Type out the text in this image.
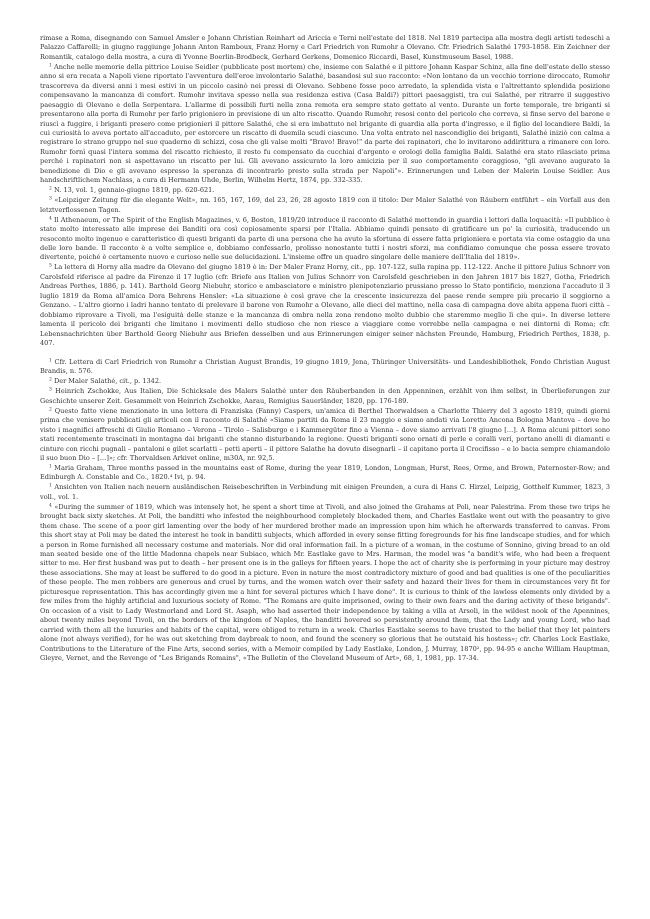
rimase a Roma, disegnando con Samuel Amsler e Johann Christian Reinhart ad Ariccia e Terni nell'estate del 1818. Nel 1819 partecipa alla mostra degli artisti tedeschi a Palazzo Caffarelli; in giugno raggiunge Johann Anton Ramboux, Franz Horny e Carl Friedrich von Rumohr a Olevano. Cfr. Friedrich Salathé 1793-1858. Ein Zeichner der Romantik, catalogo della mostra, a cura di Yvonne Boerlin-Brodbeck, Gerhard Gerkens, Domenico Riccardi, Basel, Kunstmuseum Basel, 1988.

$^1$ Anche nelle memorie della pittrice Louise Seidler (pubblicate post mortem) che, insieme con Salathé e il pittore Johann Kaspar Schinz, alla fine dell'estate dello stesso anno si era recata a Napoli viene riportato l'avventura dell'eroe involontario Salathé, basandosi sul suo racconto: «Non lontano da un vecchio torrione diroccato, Rumohr trascorreva da diversi anni i mesi estivi in un piccolo casinò nei pressi di Olevano. Sebbene fosse poco arredato, la splendida vista e l'altrettanto splendida posizione compensavano la mancanza di comfort. Rumohr invitava spesso nella sua residenza estiva (Casa Baldi?) pittori paesaggisti, tra cui Salathé, per ritrarre il suggestivo paesaggio di Olevano e della Serpentara. L'allarme di possibili furti nella zona remota era sempre stato gettato al vento. Durante un forte temporale, tre briganti si presentarono alla porta di Rumohr per farlo prigioniero in previsione di un alto riscatto. Quando Rumohr, resosi conto del pericolo che correva, si finse servo del barone e riuscì a fuggire, i briganti presero come prigionieri il pittore Salathé, che si era imbattuto nel brigante di guardia alla porta d'ingresso, e il figlio del locandiere Baldi, la cui curiosità lo aveva portato all'accaduto, per estorcere un riscatto di duemila scudi ciascuno. Una volta entrato nel nascondiglio dei briganti, Salathé iniziò con calma a registrare lo strano gruppo nel suo quaderno di schizzi, cosa che gli valse molti "Bravo! Bravo!" da parte dei rapinatori, che lo invitarono addirittura a rimanere con loro. Rumohr fornì quasi l'intera somma del riscatto richiesto, il resto fu compensato da cucchiai d'argento e orologi della famiglia Baldi. Salathé era stato rilasciato prima perché i rapinatori non si aspettavano un riscatto per lui. Gli avevano assicurato la loro amicizia per il suo comportamento coraggioso, "gli avevano augurato la benedizione di Dio e gli avevano espresso la speranza di incontrarlo presto sulla strada per Napoli"». Erinnerungen und Leben der Malerin Louise Seidler. Aus handschriftlichem Nachlass, a cura di Hermann Uhde, Berlin, Wilhelm Hertz, 1874, pp. 332-335.

$^2$ N. 13, vol. 1, gennaio-giugno 1819, pp. 620-621.

$^3$ «Leipziger Zeitung für die elegante Welt», nn. 165, 167, 169, del 23, 26, 28 agosto 1819 con il titolo: Der Maler Salathé von Räubern entführt – ein Vorfall aus den letztverflossenen Tagen.

$^4$ Il Athenaeum, or The Spirit of the English Magazines, v. 6, Boston, 1819/20 introduce il racconto di Salathé mettendo in guardia i lettori dalla loquacità: «Il pubblico è stato molto interessato alle imprese dei Banditi ora così copiosamente sparsi per l'Italia. Abbiamo quindi pensato di gratificare un po' la curiosità, traducendo un resoconto molto ingenuo e caratteristico di questi briganti da parte di una persona che ha avuto la sfortuna di essere fatta prigioniera e portata via come ostaggio da una delle loro bande. Il racconto è a volte semplice e, dobbiamo confessarlo, prolisso nonostante tutti i nostri sforzi, ma confidiamo comunque che possa essere trovato divertente, poiché è certamente nuovo e curioso nelle sue delucidazioni. L'insieme offre un quadro singolare delle maniere dell'Italia del 1819».

$^5$ La lettera di Horny alla madre da Olevano del giugno 1819 è in: Der Maler Franz Horny, cit., pp. 107-122, sulla rapina pp. 112-122. Anche il pittore Julius Schnorr von Carolsfeld riferisce al padre da Firenze il 17 luglio (cfr. Briefe aus Italien von Julius Schnorr von Carolsfeld geschrieben in den Jahren 1817 bis 1827, Gotha, Friedrich Andreas Perthes, 1886, p. 141). Barthold Georg Niebuhr, storico e ambasciatore e ministro plenipotenziario prussiano presso lo Stato pontificio, menziona l'accaduto il 3 luglio 1819 da Roma all'amica Dora Behrens Hensler: «La situazione è così grave che la crescente insicurezza del paese rende sempre più precario il soggiorno a Genzano. – L'altro giorno i ladri hanno tentato di prelevare il barone von Rumohr a Olevano, alle dieci del mattino, nella casa di campagna dove abita appena fuori città – dobbiamo riprovare a Tivoli, ma l'esiguità delle stanze e la mancanza di ombra nella zona rendono molto dubbio che staremmo meglio lì che qui». In diverse lettere lamenta il pericolo dei briganti che limitano i movimenti dello studioso che non riesce a viaggiare come vorrebbe nella campagna e nei dintorni di Roma; cfr. Lebensnachrichten über Barthold Georg Niebuhr aus Briefen desselben und aus Erinnerungen einiger seiner nächsten Freunde, Hamburg, Friedrich Perthes, 1838, p. 407.

$^1$ Cfr. Lettera di Carl Friedrich von Rumohr a Christian August Brandis, 19 giugno 1819, Jena, Thüringer Universitäts- und Landesbibliothek, Fondo Christian August Brandis, n. 576.

$^2$ Der Maler Salathé, cit., p. 1342.

$^3$ Heinrich Zschokke, Aus Italien, Die Schicksale des Malers Salathé unter den Räuberbanden in den Appenninen, erzählt von ihm selbst, in Überlieferungen zur Geschichte unserer Zeit. Gesammelt von Heinrich Zschokke, Aarau, Remigius Sauerländer, 1820, pp. 176-189.

$^2$ Questo fatto viene menzionato in una lettera di Franziska (Fanny) Caspers, un'amica di Berthel Thorwaldsen a Charlotte Thierry del 3 agosto 1819, quindi giorni prima che venisero pubblicati gli articoli con il racconto di Salathé «Siamo partiti da Roma il 23 maggio e siamo andati via Loretto Ancona Bologna Mantova – dove ho visto i magnifici affreschi di Giulio Romano – Verona – Tirolo – Salisburgo e i Kammergüter fino a Vienna – dove siamo arrivati l'8 giugno […]. A Roma alcuni pittori sono stati recentemente trascinati in montagna dai briganti che stanno disturbando la regione. Questi briganti sono ornati di perle e coralli veri, portano anelli di diamanti e cinture con ricchi pugnali – pantaloni e gilet scarlatti – petti aperti – il pittore Salathe ha dovuto disegnarli – il capitano porta il Crocifisso – e lo bacia sempre chiamandolo il suo buon Dio – […]»; cfr. Thorvaldsen Arkivet online, m30A, nr. 92,5.

$^1$ Maria Graham, Three months passed in the mountains east of Rome, during the year 1819, London, Longman, Hurst, Rees, Orme, and Brown, Paternoster-Row; and Edinburgh A. Constable and Co., 1820.⁴ Ivi, p. 94.

$^1$ Ansichten von Italien nach neuern ausländischen Reisebeschriften in Verbindung mit einigen Freunden, a cura di Hans C. Hirzel, Leipzig, Gotthelf Kummer, 1823, 3 voll., vol. 1.

$^4$ «During the summer of 1819, which was intensely hot, he spent a short time at Tivoli, and also joined the Grahams at Poli, near Palestrina. From these two trips he brought back sixty sketches. At Poli, the banditti who infested the neighbourhood completely blockaded them, and Charles Eastlake went out with the peasantry to give them chase. The scene of a poor girl lamenting over the body of her murdered brother made an impression upon him which he afterwards transferred to canvas. From this short stay at Poli may be dated the interest he took in banditti subjects, which afforded in every sense fitting foregrounds for his fine landscape studies, and for which a person in Rome furnished all necessary costume and materials. Nor did oral information fail. In a picture of a woman, in the costume of Sonnino, giving bread to an old man seated beside one of the little Madonna chapels near Subiaco, which Mr. Eastlake gave to Mrs. Harman, the model was "a bandit's wife, who had been a frequent sitter to me. Her first husband was put to death – her present one is in the galleys for fifteen years. I hope the act of charity she is performing in your picture may destroy these associations. She may at least be suffered to do good in a picture. Even in nature the most contradictory mixture of good and bad qualities is one of the peculiarities of these people. The men robbers are generous and cruel by turns, and the women watch over their safety and hazard their lives for them in circumstances very fit for picturesque representation. This has accordingly given me a hint for several pictures which I have done". It is curious to think of the lawless elements only divided by a few miles from the highly artificial and luxurious society of Rome. "The Romans are quite imprisoned, owing to their own fears and the daring activity of these brigands". On occasion of a visit to Lady Westmorland and Lord St. Asaph, who had asserted their independence by taking a villa at Arsoli, in the wildest nook of the Apennines, about twenty miles beyond Tivoli, on the borders of the kingdom of Naples, the banditti hovered so persistently around them, that the Lady and young Lord, who had carried with them all the luxuries and habits of the capital, were obliged to return in a week. Charles Eastlake seems to have trusted to the belief that they let painters alone (not always verified), for he was out sketching from daybreak to noon, and found the scenery so glorious that he outstaid his hostess»; cfr. Charles Lock Eastlake, Contributions to the Literature of the Fine Arts, second series, with a Memoir compiled by Lady Eastlake, London, J. Murray, 1870², pp. 94-95 e anche William Hauptman, Gleyre, Vernet, and the Revenge of "Les Brigands Romains", «The Bulletin of the Cleveland Museum of Art», 68, 1, 1981, pp. 17-34.
